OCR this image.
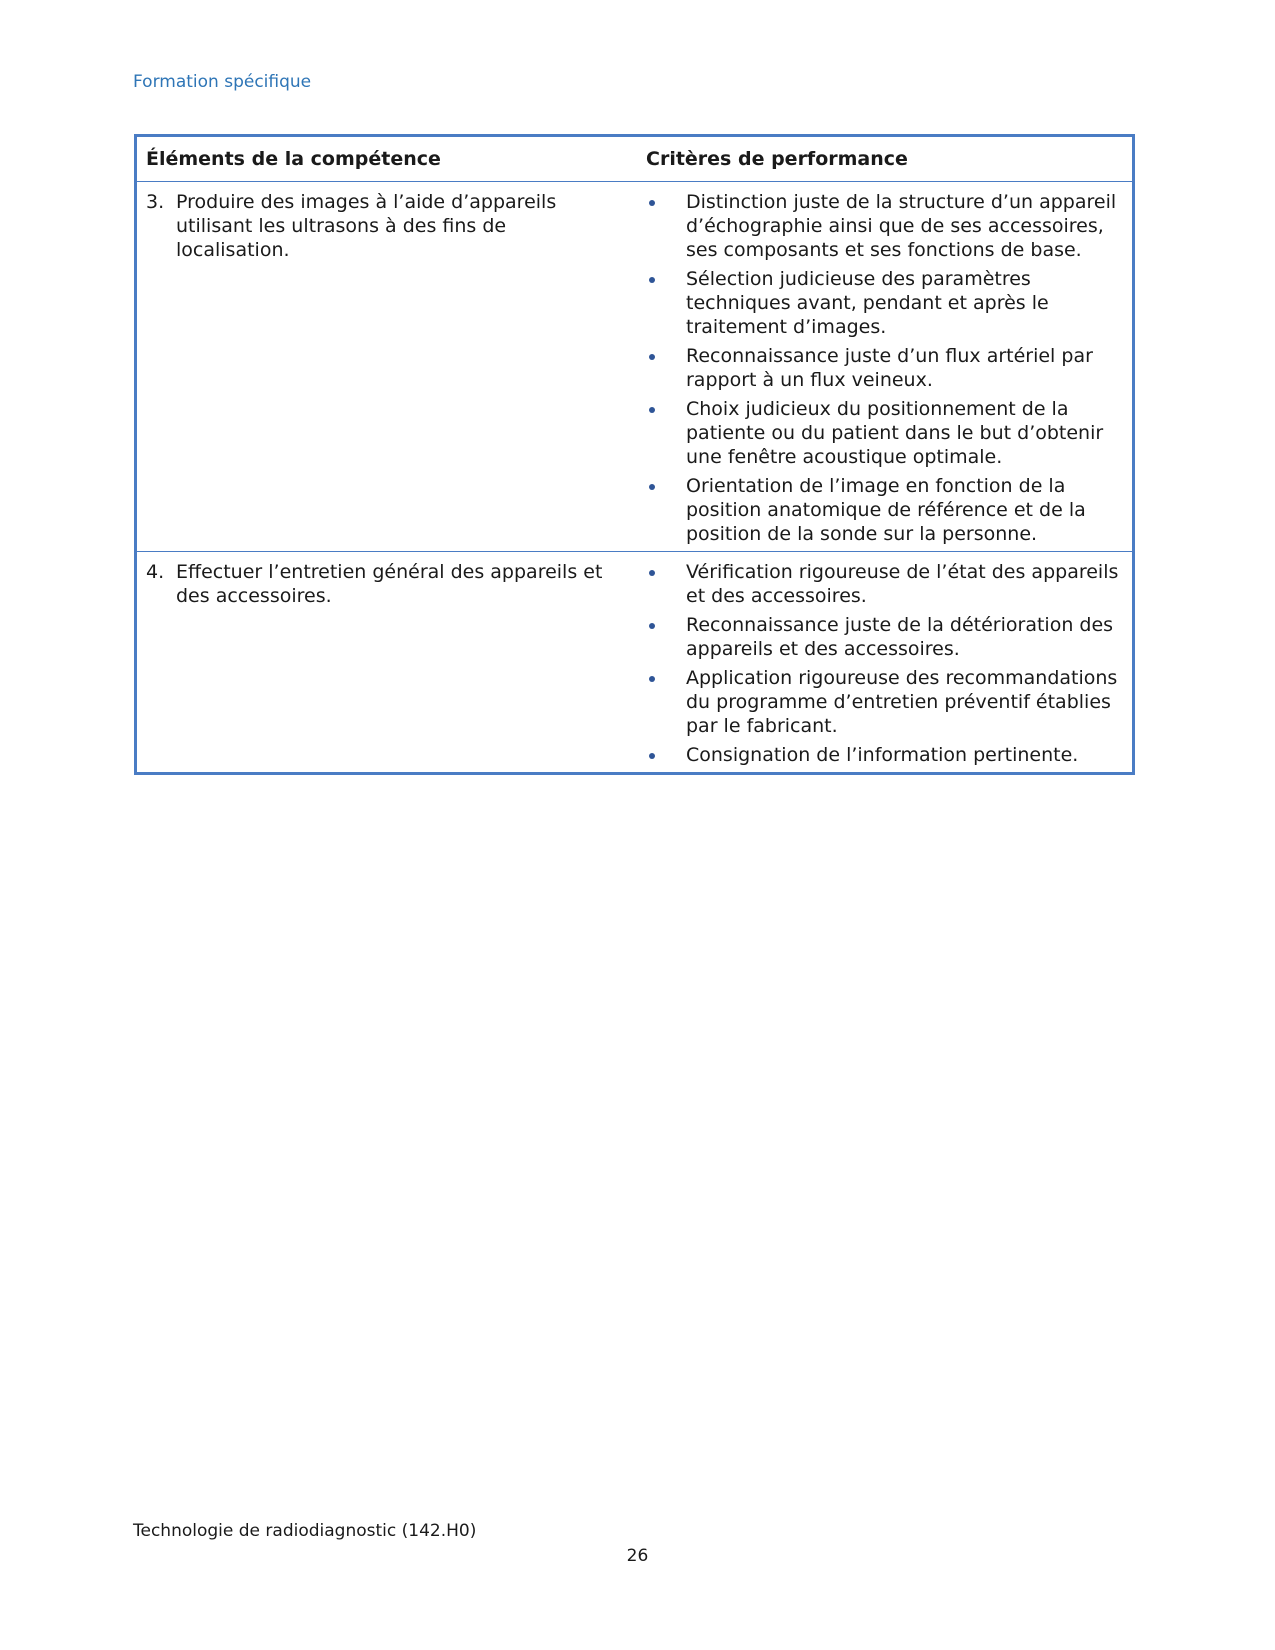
Formation spécifique
Éléments de la compétence	Critères de performance
3. Produire des images à l’aide d’appareils utilisant les ultrasons à des fins de localisation.
Distinction juste de la structure d’un appareil d’échographie ainsi que de ses accessoires, ses composants et ses fonctions de base.
Sélection judicieuse des paramètres techniques avant, pendant et après le traitement d’images.
Reconnaissance juste d’un flux artériel par rapport à un flux veineux.
Choix judicieux du positionnement de la patiente ou du patient dans le but d’obtenir une fenêtre acoustique optimale.
Orientation de l’image en fonction de la position anatomique de référence et de la position de la sonde sur la personne.
4. Effectuer l’entretien général des appareils et des accessoires.
Vérification rigoureuse de l’état des appareils et des accessoires.
Reconnaissance juste de la détérioration des appareils et des accessoires.
Application rigoureuse des recommandations du programme d’entretien préventif établies par le fabricant.
Consignation de l’information pertinente.
Technologie de radiodiagnostic (142.H0)
26
